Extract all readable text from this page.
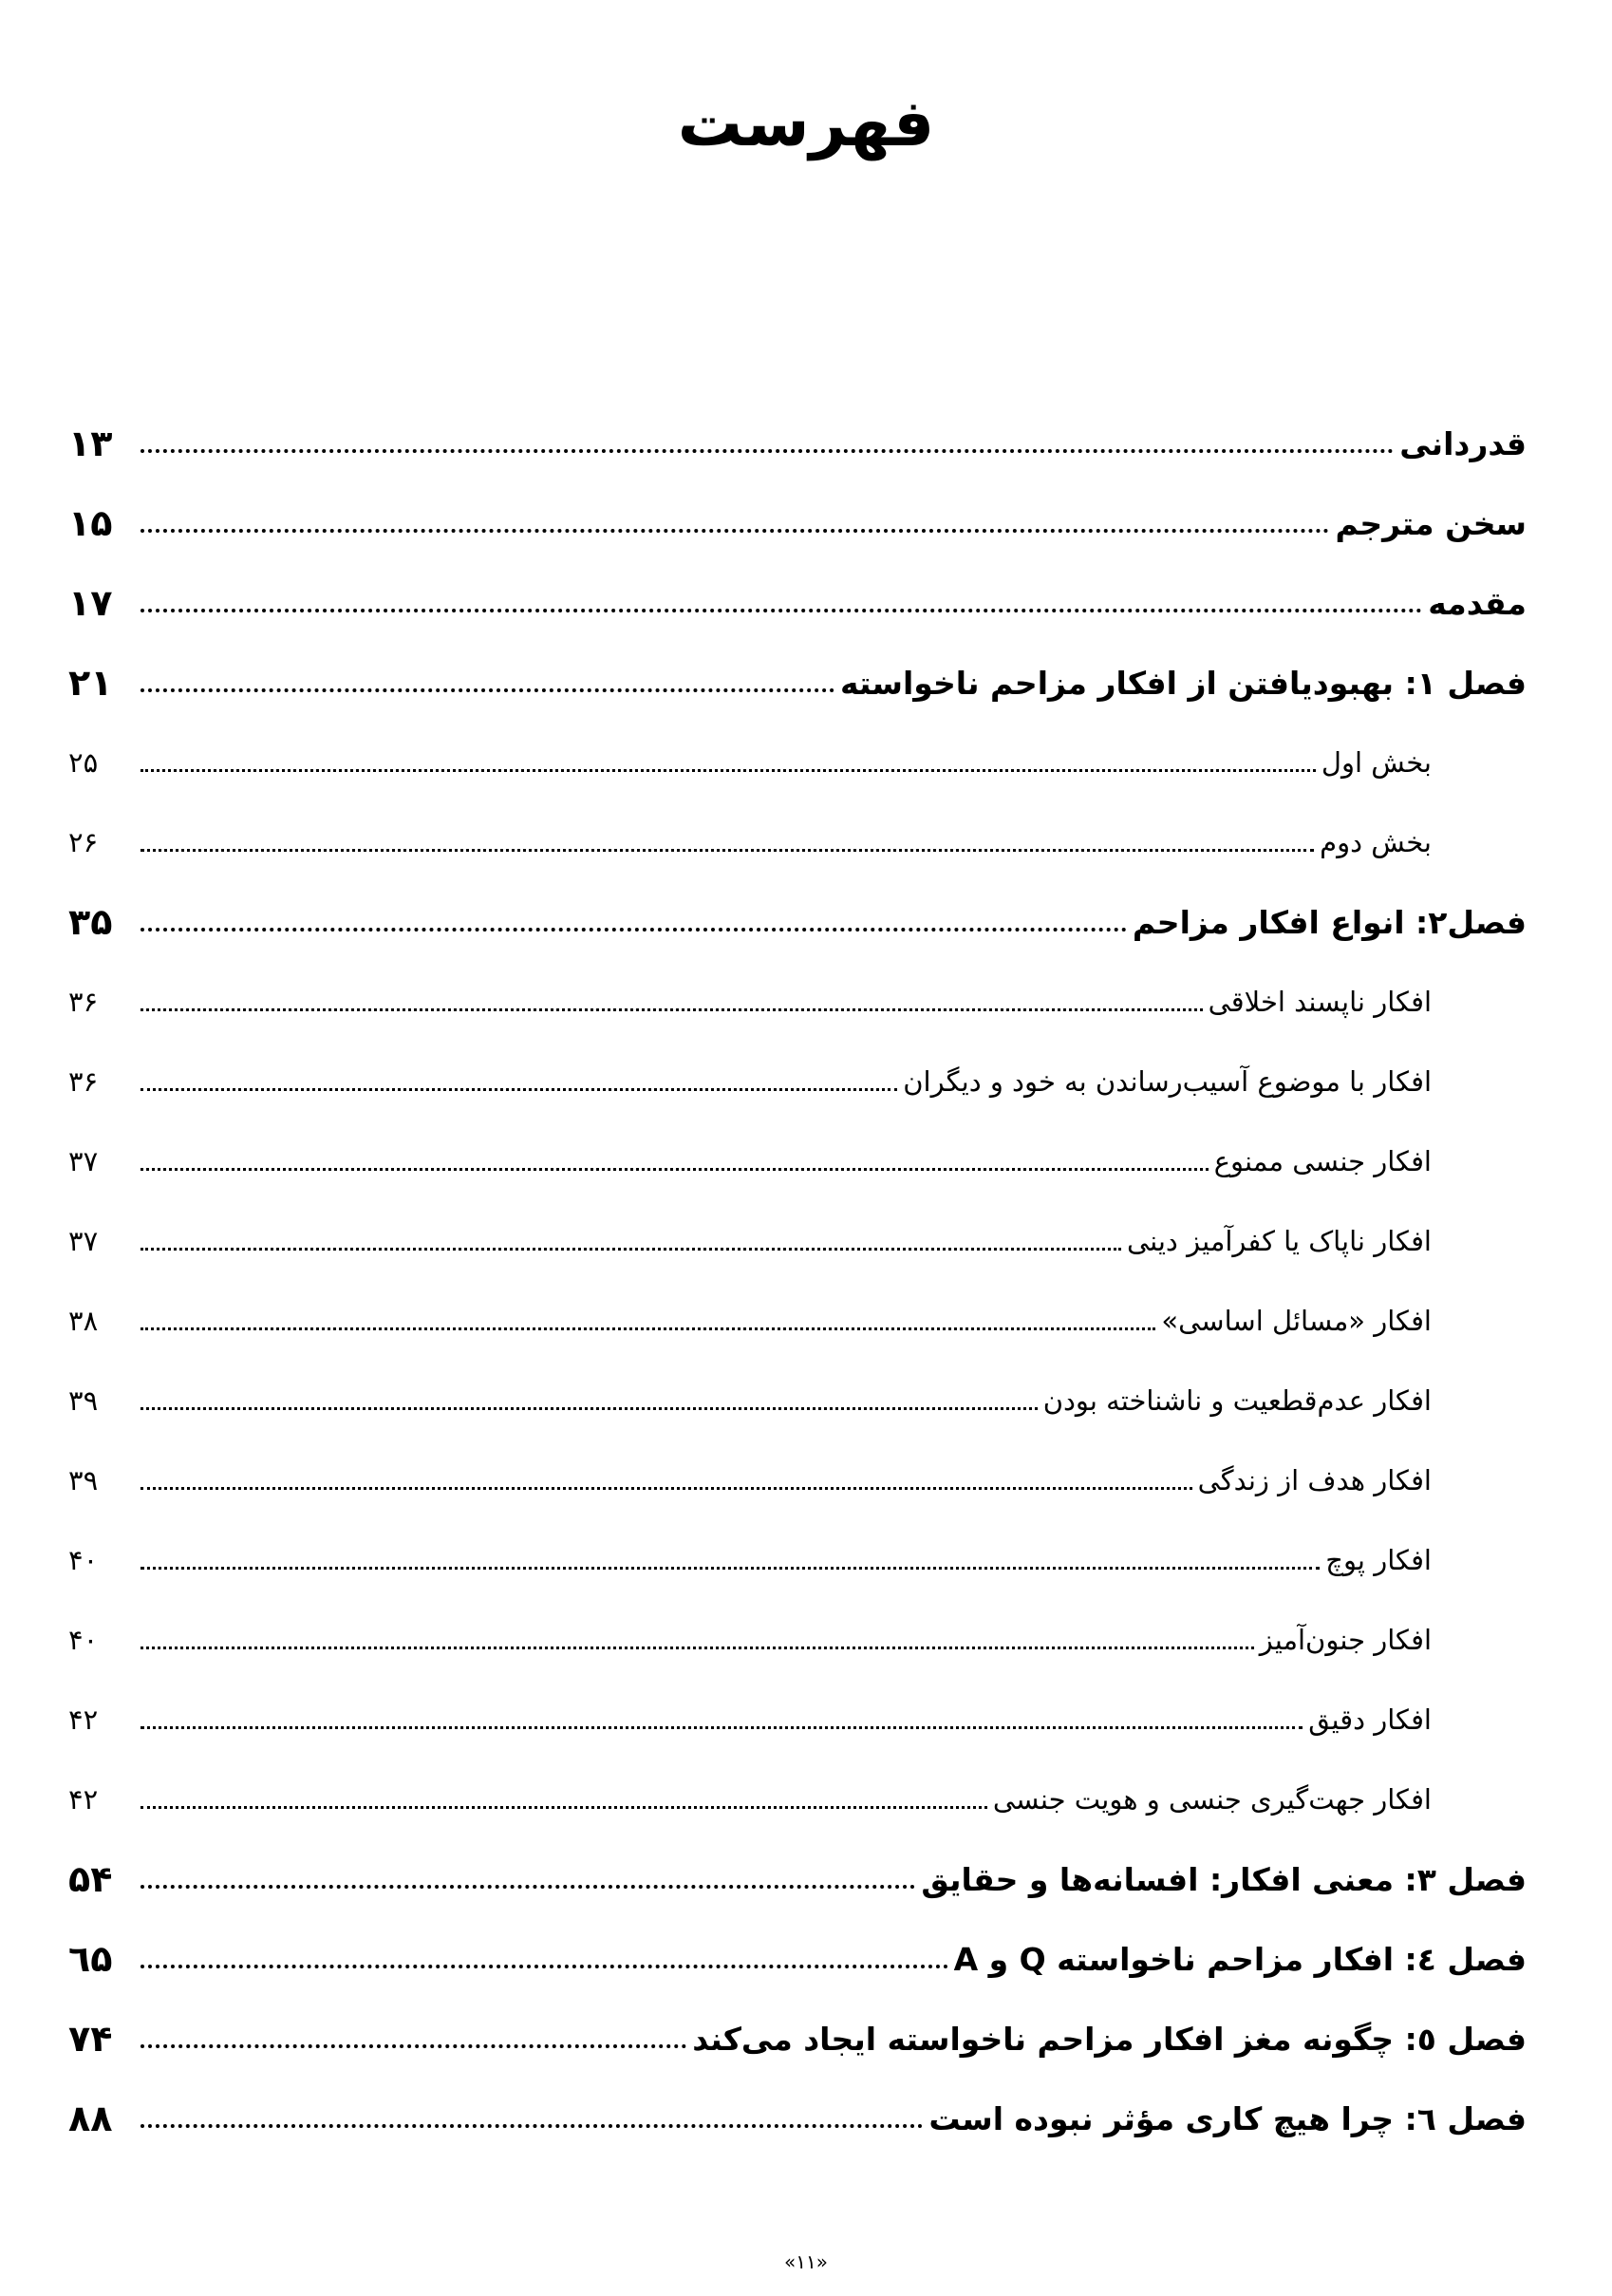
فهرست
قدردانی
۱۳
سخن مترجم
۱۵
مقدمه
۱۷
فصل ۱: بهبودیافتن از افکار مزاحم ناخواسته
۲۱
بخش اول
۲۵
بخش دوم
۲۶
فصل۲: انواع افکار مزاحم
۳۵
افکار ناپسند اخلاقی
۳۶
افکار با موضوع آسیب‌رساندن به خود و دیگران
۳۶
افکار جنسی ممنوع
۳۷
افکار ناپاک یا کفرآمیز دینی
۳۷
افکار «مسائل اساسی»
۳۸
افکار عدم‌قطعیت و ناشناخته بودن
۳۹
افکار هدف از زندگی
۳۹
افکار پوچ
۴۰
افکار جنون‌آمیز
۴۰
افکار دقیق
۴۲
افکار جهت‌گیری جنسی و هویت جنسی
۴۲
فصل ۳: معنی افکار: افسانه‌ها و حقایق
۵۴
فصل ٤: افکار مزاحم ناخواسته Q و A
٦۵
فصل ٥: چگونه مغز افکار مزاحم ناخواسته ایجاد می‌کند
۷۴
فصل ٦: چرا هیچ کاری مؤثر نبوده است
۸۸
«۱۱»
